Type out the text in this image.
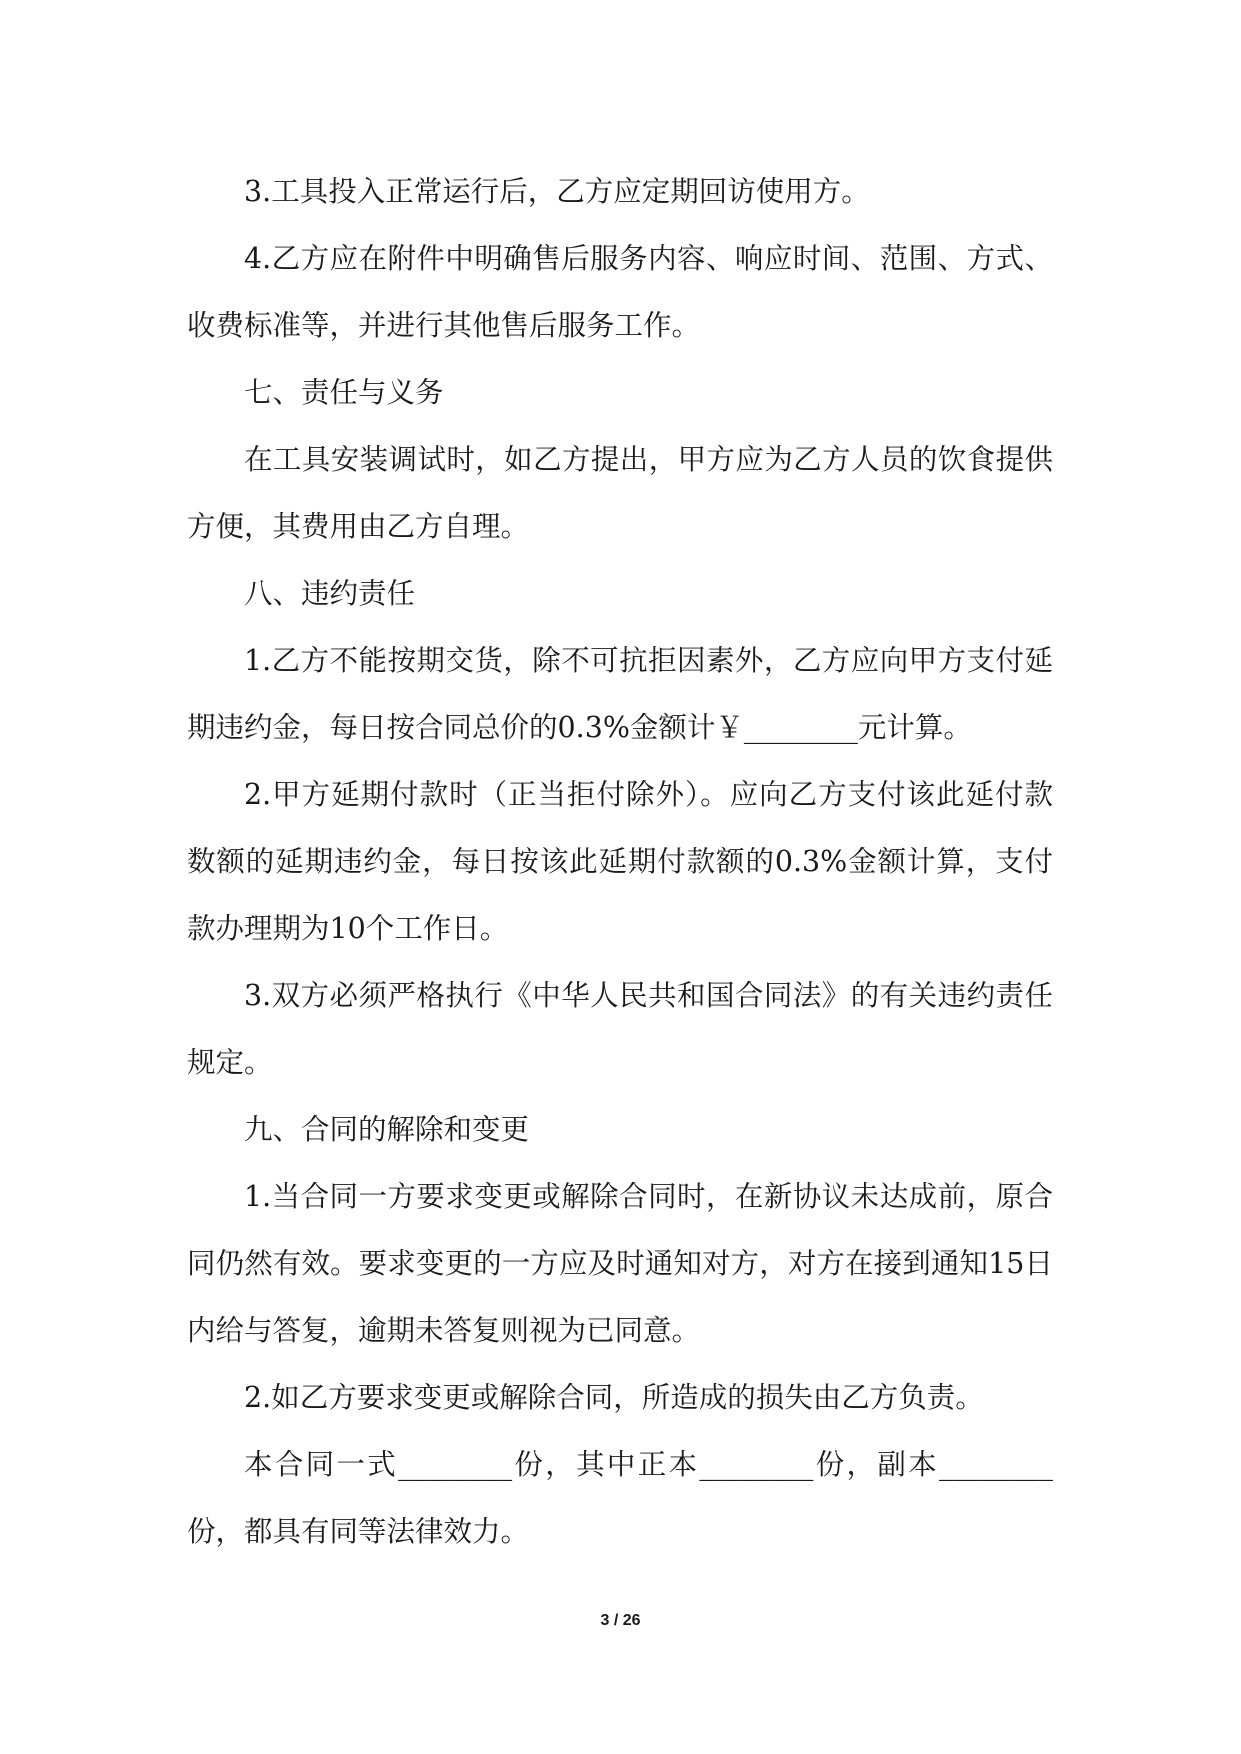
3.工具投入正常运行后，乙方应定期回访使用方。

4.乙方应在附件中明确售后服务内容、响应时间、范围、方式、收费标准等，并进行其他售后服务工作。

七、责任与义务

在工具安装调试时，如乙方提出，甲方应为乙方人员的饮食提供方便，其费用由乙方自理。

八、违约责任

1.乙方不能按期交货，除不可抗拒因素外，乙方应向甲方支付延期违约金，每日按合同总价的0.3%金额计￥________元计算。

2.甲方延期付款时（正当拒付除外）。应向乙方支付该此延付款数额的延期违约金，每日按该此延期付款额的0.3%金额计算，支付款办理期为10个工作日。

3.双方必须严格执行《中华人民共和国合同法》的有关违约责任规定。

九、合同的解除和变更

1.当合同一方要求变更或解除合同时，在新协议未达成前，原合同仍然有效。要求变更的一方应及时通知对方，对方在接到通知15日内给与答复，逾期未答复则视为已同意。

2.如乙方要求变更或解除合同，所造成的损失由乙方负责。

本合同一式________份，其中正本________份，副本________份，都具有同等法律效力。

3 / 26
